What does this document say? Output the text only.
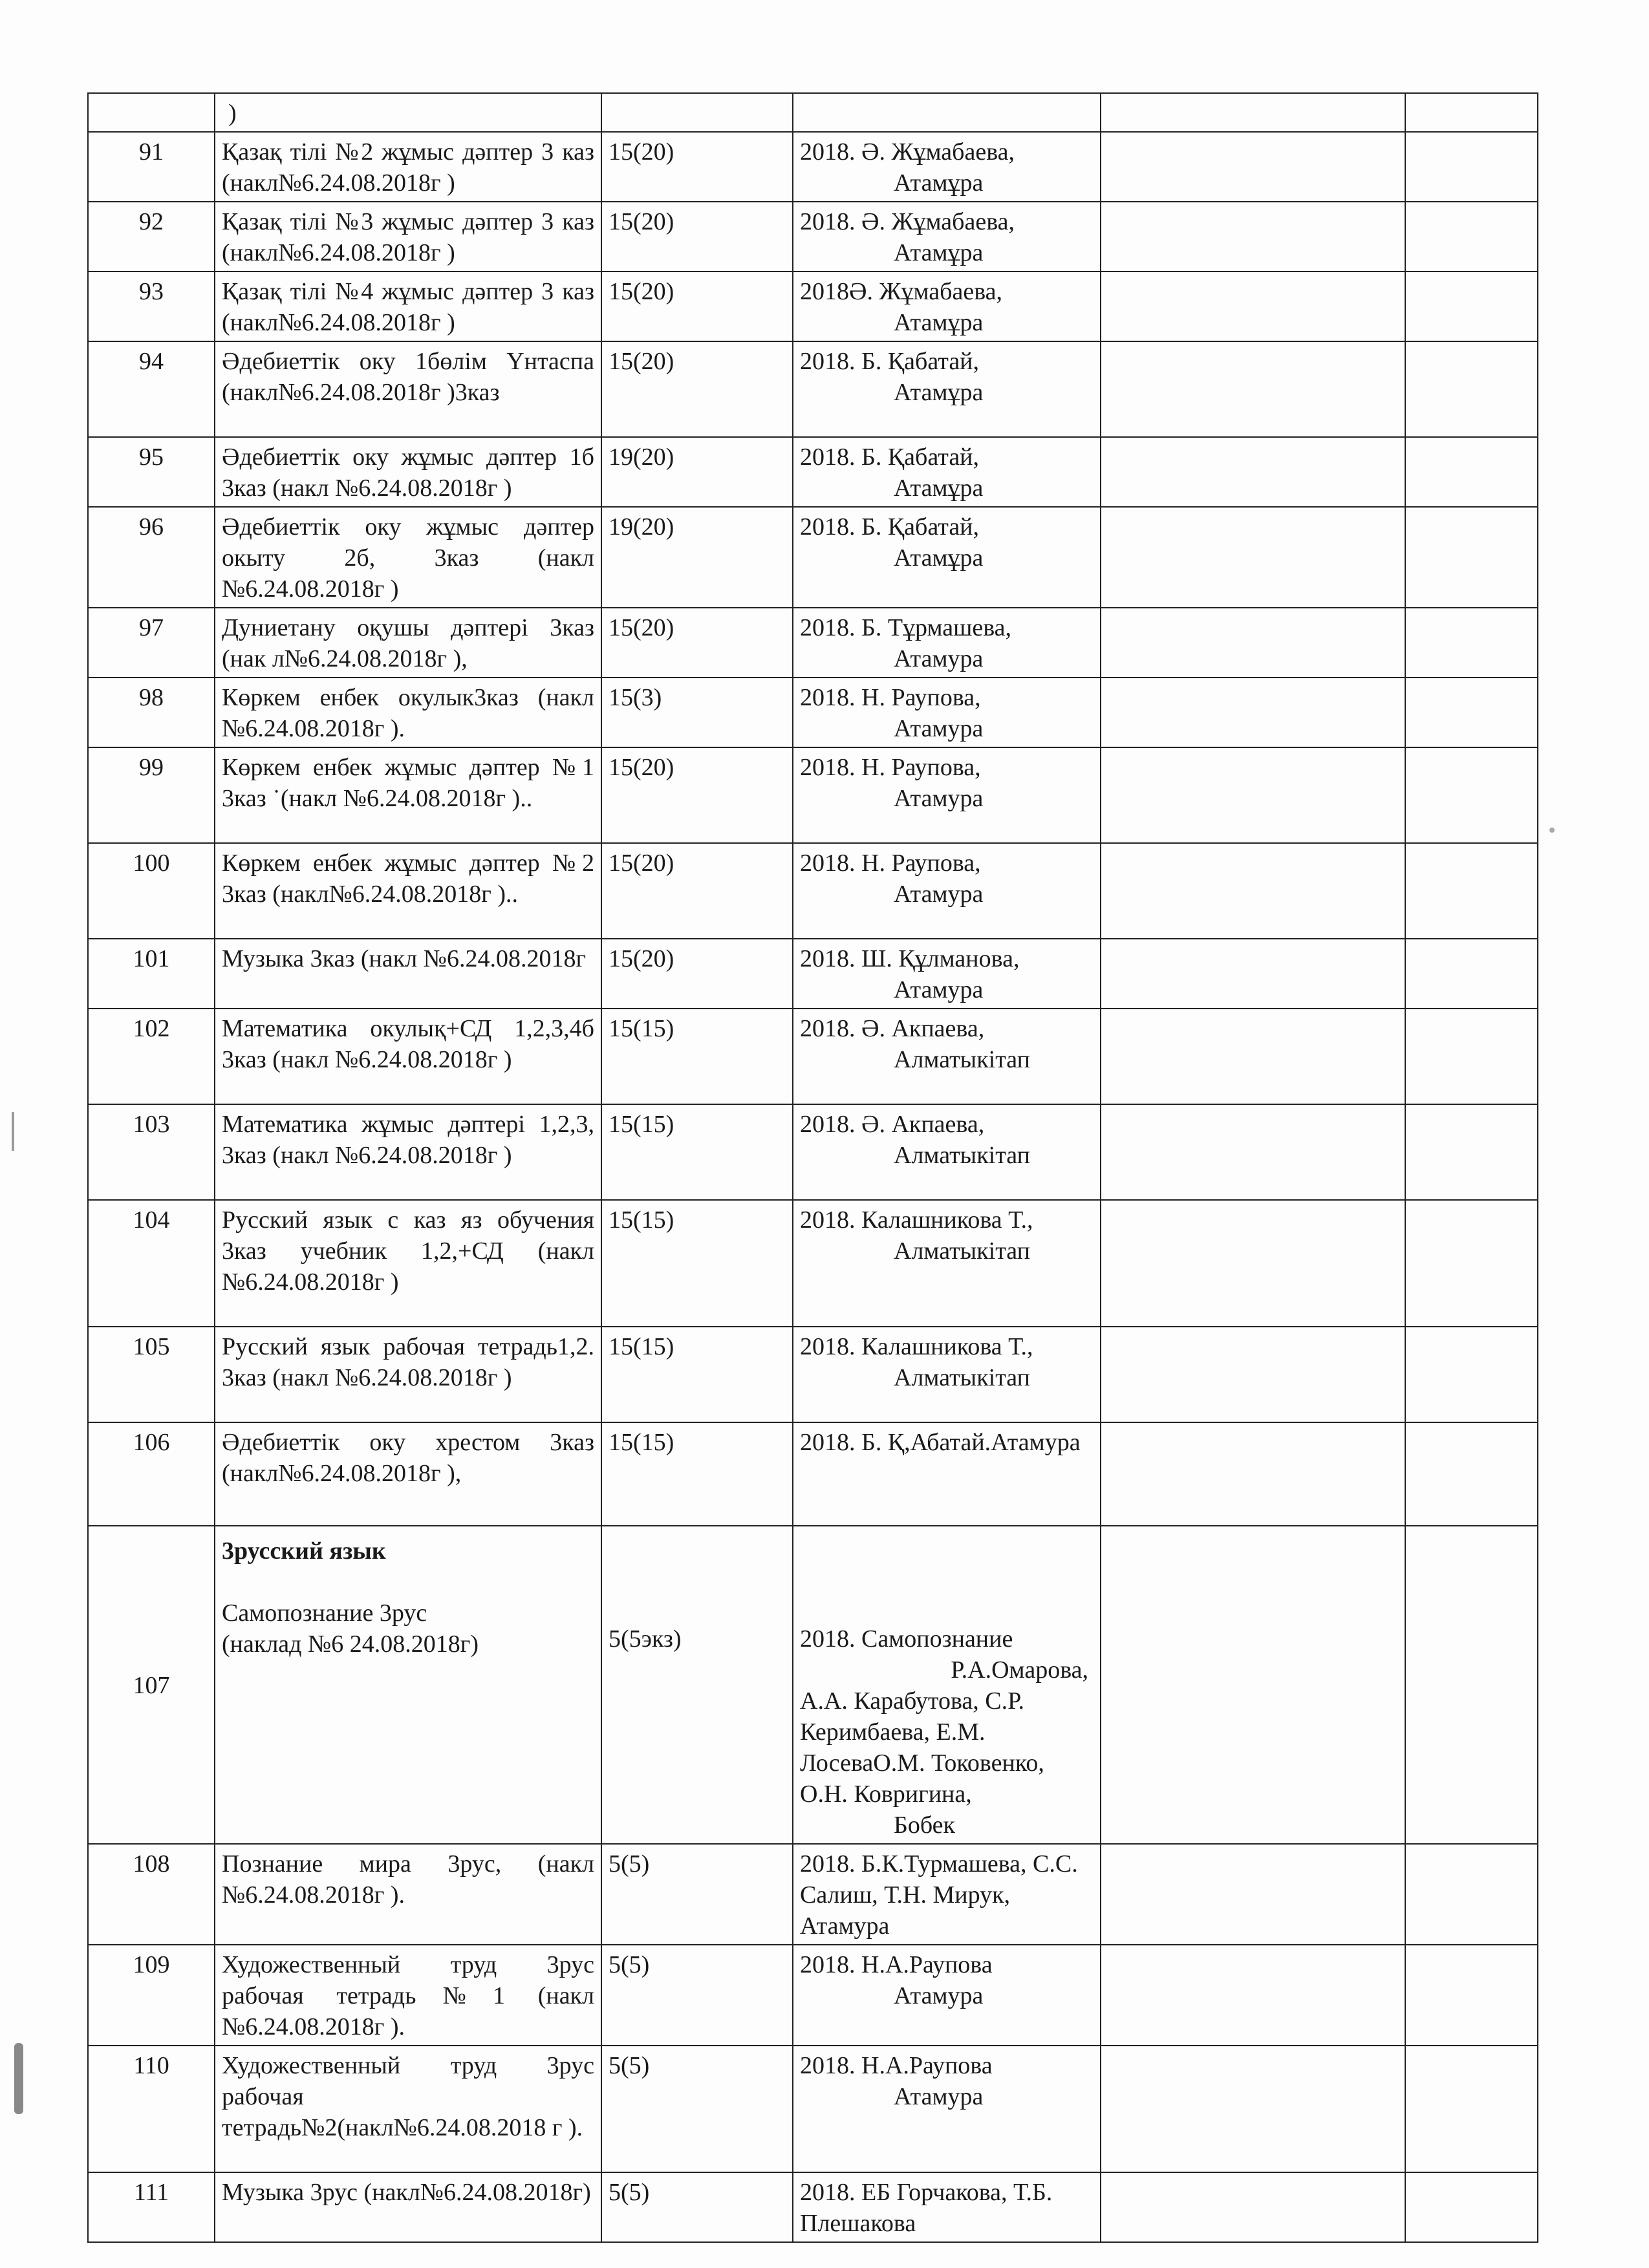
	)				
91	Қазақ тілі №2 жұмыс дәптер 3 каз (накл№6.24.08.2018г )	15(20)	2018. Ә. Жұмабаева,
Атамұра		

92	Қазақ тілі №3 жұмыс дәптер 3 каз (накл№6.24.08.2018г )	15(20)	2018. Ә. Жұмабаева,
Атамұра		

93	Қазақ тілі №4 жұмыс дәптер 3 каз (накл№6.24.08.2018г )	15(20)	2018Ә. Жұмабаева,
Атамұра		

94	Әдебиеттік оку 1бөлім Үнтаспа (накл№6.24.08.2018г )3каз	15(20)	2018. Б. Қабатай,
Атамұра		

95	Әдебиеттік оку жұмыс дәптер 1б 3каз (накл №6.24.08.2018г )	19(20)	2018. Б. Қабатай,
Атамұра		

96	Әдебиеттік оку жұмыс дәптер окыту 2б, 3каз (накл №6.24.08.2018г )	19(20)	2018. Б. Қабатай,
Атамұра		

97	Дуниетану оқушы дәптері 3каз (нак л№6.24.08.2018г ),	15(20)	2018. Б. Тұрмашева,
Атамура		

98	Көркем енбек окулык3каз (накл №6.24.08.2018г ).	15(3)	2018. Н. Раупова,
Атамура		

99	Көркем енбек жұмыс дәптер №1 3каз ˙(накл №6.24.08.2018г )..	15(20)	2018. Н. Раупова,
Атамура		

100	Көркем енбек жұмыс дәптер №2 3каз (накл№6.24.08.2018г )..	15(20)	2018. Н. Раупова,
Атамура		

101	Музыка 3каз (накл №6.24.08.2018г	15(20)	2018. Ш. Құлманова,
Атамура		

102	Математика окулық+СД 1,2,3,4б 3каз (накл №6.24.08.2018г )	15(15)	2018. Ә. Акпаева,
Алматыкітап		

103	Математика жұмыс дәптері 1,2,3, 3каз (накл №6.24.08.2018г )	15(15)	2018. Ә. Акпаева,
Алматыкітап		

104	Русский язык с каз яз обучения 3каз учебник 1,2,+СД (накл №6.24.08.2018г )	15(15)	2018. Калашникова Т.,
Алматыкітап		

105	Русский язык рабочая тетрадь1,2. 3каз (накл №6.24.08.2018г )	15(15)	2018. Калашникова Т.,
Алматыкітап		

106	Әдебиеттік оку хрестом 3каз (накл№6.24.08.2018г ),	15(15)	2018. Б. Қ,Абатай.Атамура		

107	3русский язык
Самопознание 3рус
(наклад №6 24.08.2018г)	5(5экз)	2018. Самопознание
Р.А.Омарова,
А.А. Карабутова, С.Р. Керимбаева, Е.М. ЛосеваО.М. Токовенко, О.Н. Ковригина,
Бобек		

108	Познание мира 3рус, (накл №6.24.08.2018г ).	5(5)	2018. Б.К.Турмашева, С.С. Салиш, Т.Н. Мирук, Атамура		
109	Художественный труд 3рус рабочая тетрадь№1 (накл №6.24.08.2018г ).	5(5)	2018. Н.А.Раупова
Атамура		

110	Художественный труд 3рус рабочая тетрадь№2(накл№6.24.08.2018 г ).	5(5)	2018. Н.А.Раупова
Атамура		

111	Музыка 3рус (накл№6.24.08.2018г)	5(5)	2018. ЕБ Горчакова, Т.Б. Плешакова		
